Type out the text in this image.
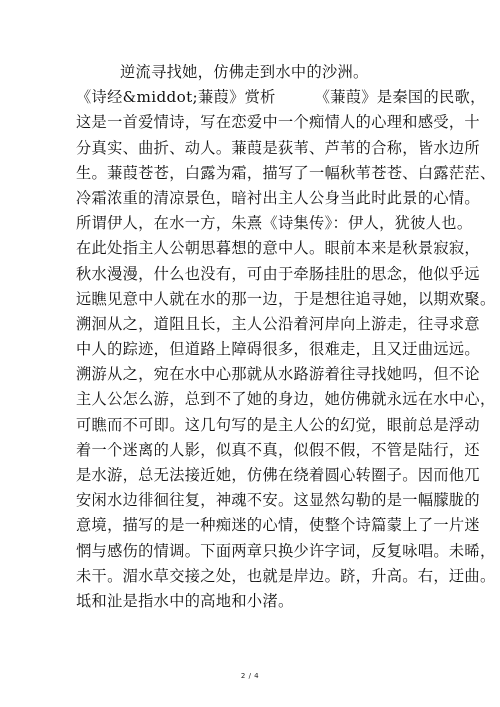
逆流寻找她，仿佛走到水中的沙洲。
《诗经&middot;蒹葭》赏析　　　《蒹葭》是秦国的民歌，
这是一首爱情诗，写在恋爱中一个痴情人的心理和感受，十
分真实、曲折、动人。蒹葭是荻苇、芦苇的合称，皆水边所
生。蒹葭苍苍，白露为霜，描写了一幅秋苇苍苍、白露茫茫、
冷霜浓重的清凉景色，暗衬出主人公身当此时此景的心情。
所谓伊人，在水一方，朱熹《诗集传》：伊人，犹彼人也。
在此处指主人公朝思暮想的意中人。眼前本来是秋景寂寂，
秋水漫漫，什么也没有，可由于牵肠挂肚的思念，他似乎远
远瞧见意中人就在水的那一边，于是想往追寻她，以期欢聚。
溯洄从之，道阻且长，主人公沿着河岸向上游走，往寻求意
中人的踪迹，但道路上障碍很多，很难走，且又迂曲远远。
溯游从之，宛在水中心那就从水路游着往寻找她吗，但不论
主人公怎么游，总到不了她的身边，她仿佛就永远在水中心，
可瞧而不可即。这几句写的是主人公的幻觉，眼前总是浮动
着一个迷离的人影，似真不真，似假不假，不管是陆行，还
是水游，总无法接近她，仿佛在绕着圆心转圈子。因而他兀
安闲水边徘徊往复，神魂不安。这显然勾勒的是一幅朦胧的
意境，描写的是一种痴迷的心情，使整个诗篇蒙上了一片迷
惘与感伤的情调。下面两章只换少许字词，反复咏唱。未晞，
未干。湄水草交接之处，也就是岸边。跻，升高。右，迂曲。
坻和沚是指水中的高地和小渚。
2 / 4
